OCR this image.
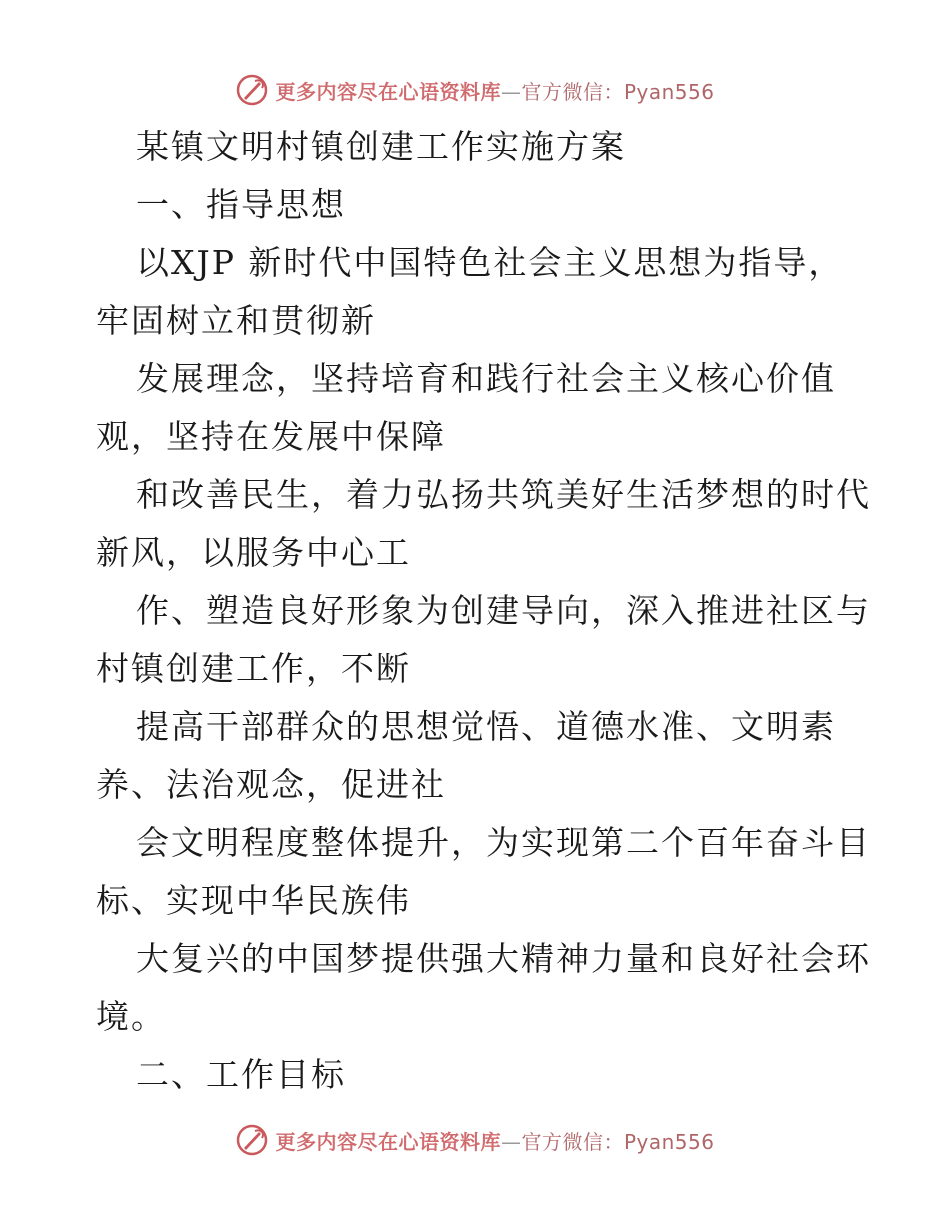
更多内容尽在心语资料库—官方微信：Pyan556
某镇文明村镇创建工作实施方案
一、指导思想
以XJP 新时代中国特色社会主义思想为指导，
牢固树立和贯彻新
发展理念，坚持培育和践行社会主义核心价值
观，坚持在发展中保障
和改善民生，着力弘扬共筑美好生活梦想的时代
新风，以服务中心工
作、塑造良好形象为创建导向，深入推进社区与
村镇创建工作，不断
提高干部群众的思想觉悟、道德水准、文明素
养、法治观念，促进社
会文明程度整体提升，为实现第二个百年奋斗目
标、实现中华民族伟
大复兴的中国梦提供强大精神力量和良好社会环
境。
二、工作目标
更多内容尽在心语资料库—官方微信：Pyan556
